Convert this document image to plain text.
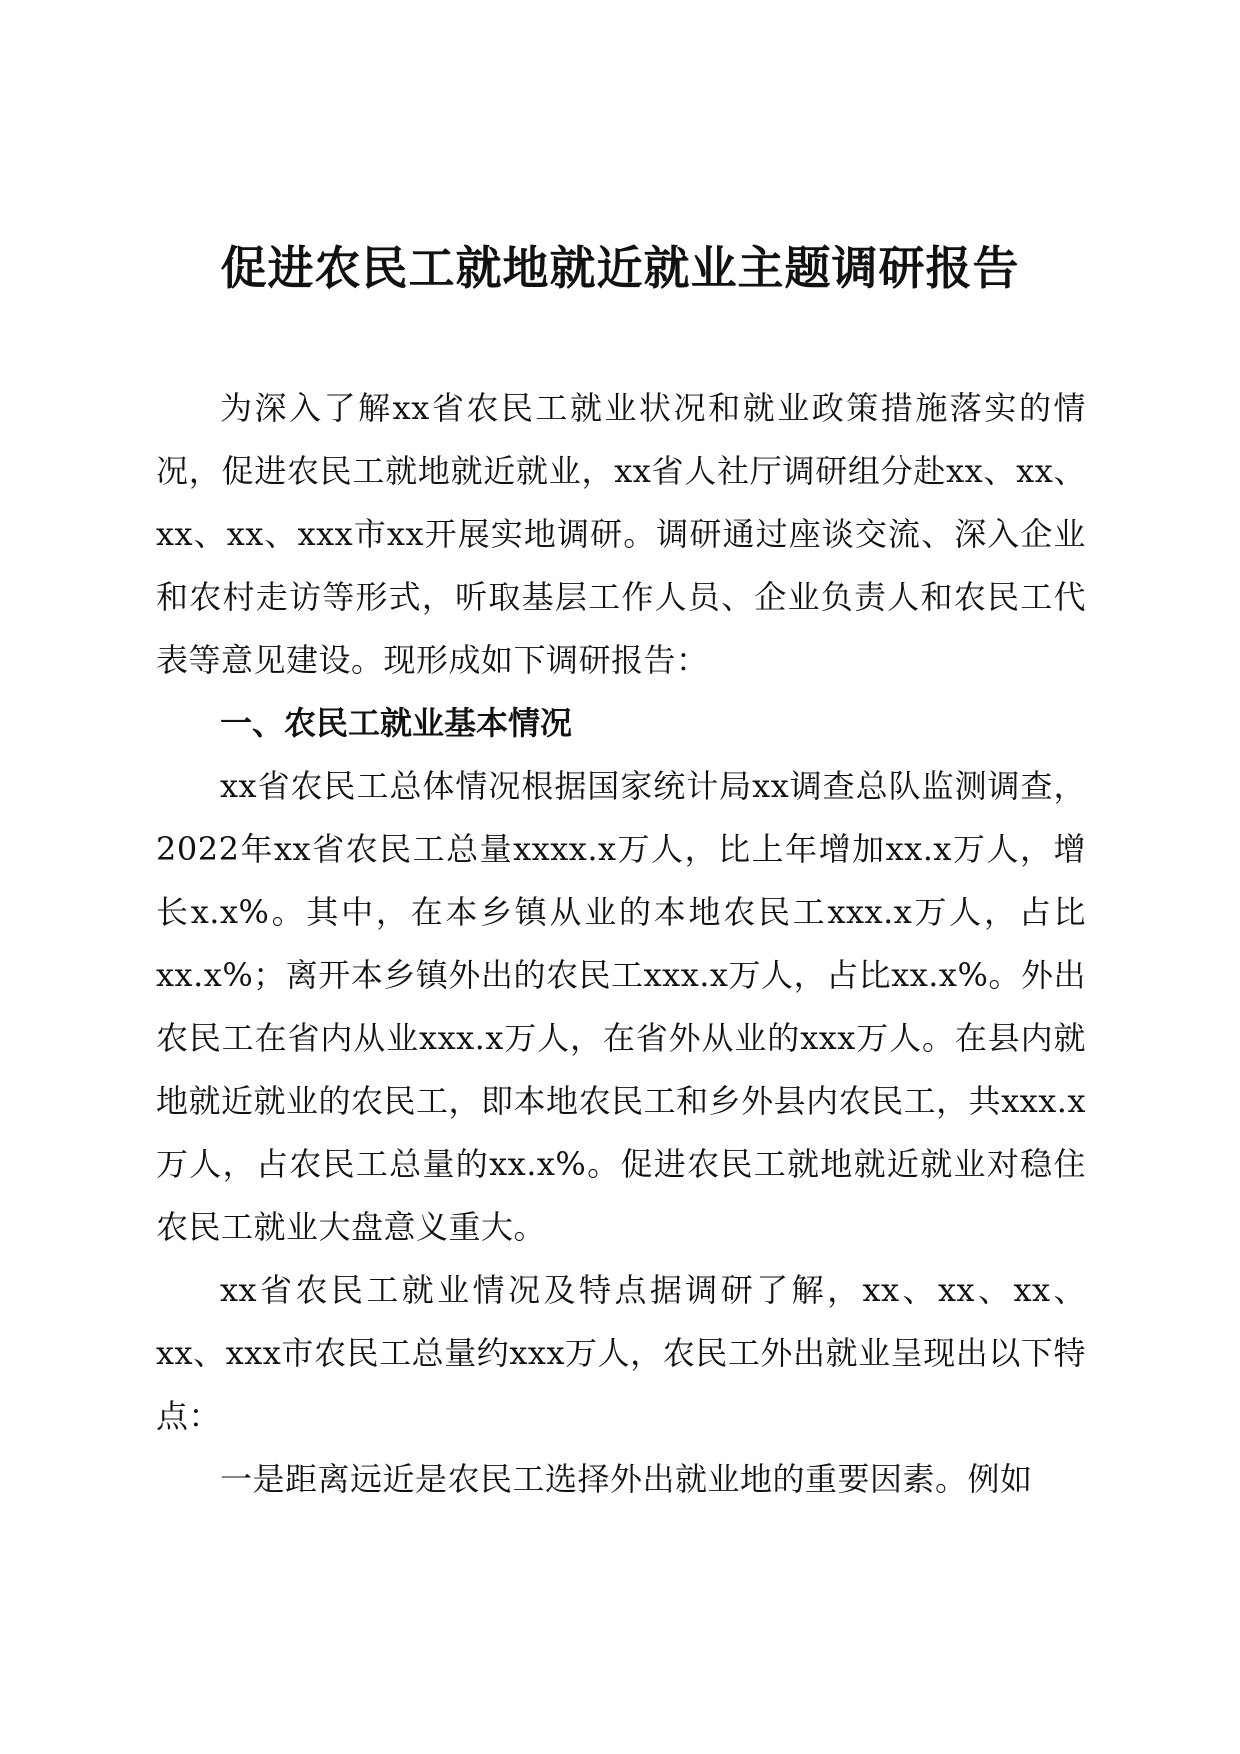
促进农民工就地就近就业主题调研报告

为深入了解xx省农民工就业状况和就业政策措施落实的情况，促进农民工就地就近就业，xx省人社厅调研组分赴xx、xx、xx、xx、xxx市xx开展实地调研。调研通过座谈交流、深入企业和农村走访等形式，听取基层工作人员、企业负责人和农民工代表等意见建设。现形成如下调研报告：

一、农民工就业基本情况

xx省农民工总体情况根据国家统计局xx调查总队监测调查，2022年xx省农民工总量xxxx.x万人，比上年增加xx.x万人，增长x.x%。其中，在本乡镇从业的本地农民工xxx.x万人，占比xx.x%；离开本乡镇外出的农民工xxx.x万人，占比xx.x%。外出农民工在省内从业xxx.x万人，在省外从业的xxx万人。在县内就地就近就业的农民工，即本地农民工和乡外县内农民工，共xxx.x万人，占农民工总量的xx.x%。促进农民工就地就近就业对稳住农民工就业大盘意义重大。

xx省农民工就业情况及特点据调研了解，xx、xx、xx、xx、xxx市农民工总量约xxx万人，农民工外出就业呈现出以下特点：

一是距离远近是农民工选择外出就业地的重要因素。例如
